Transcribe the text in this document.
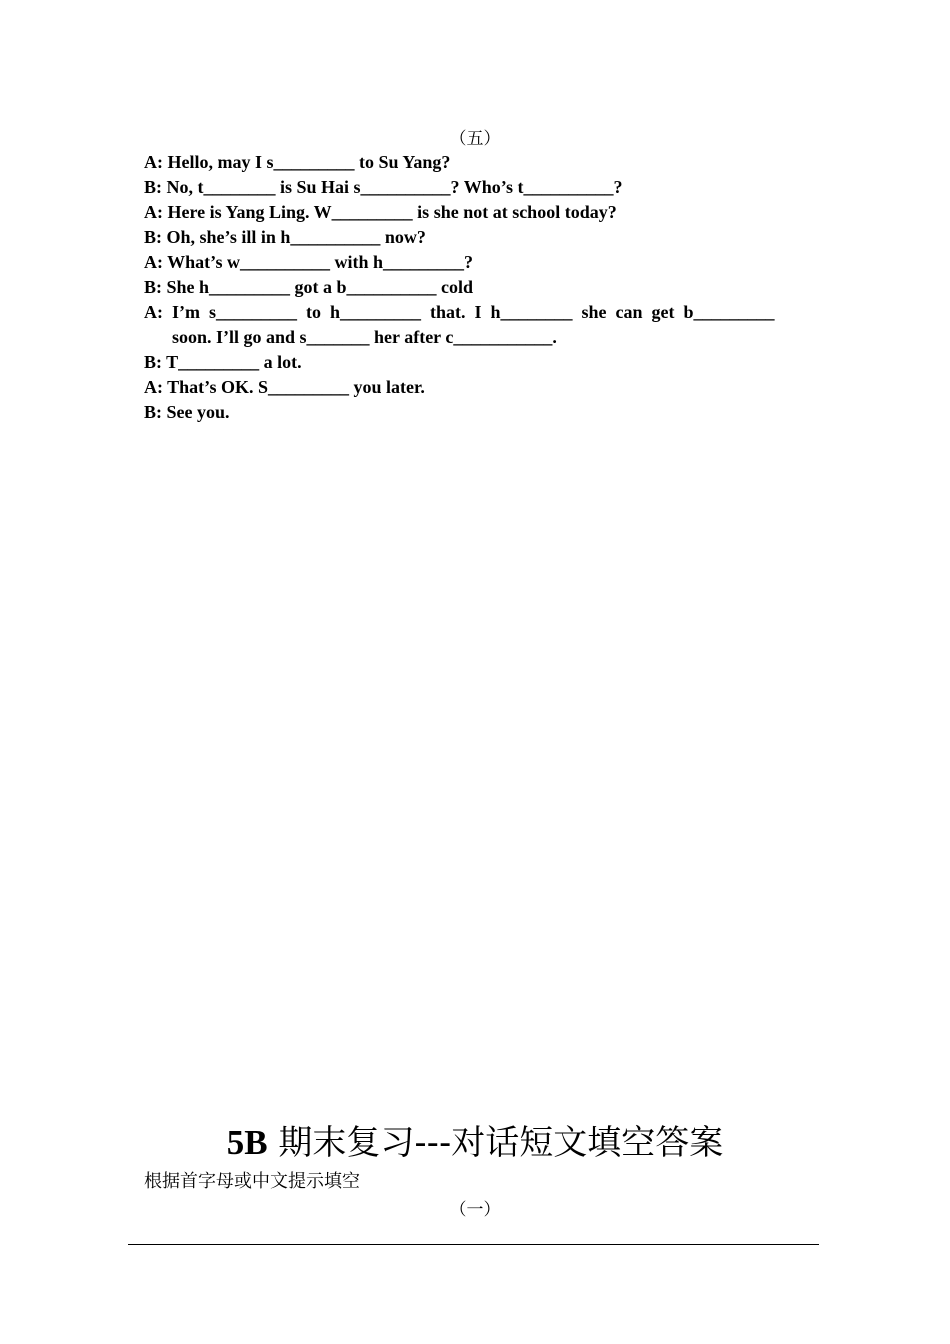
（五）
A: Hello, may I s_________ to Su Yang?
B: No, t________ is Su Hai s__________? Who’s t__________?
A: Here is Yang Ling. W_________ is she not at school today?
B: Oh, she’s ill in h__________ now?
A: What’s w__________ with h_________?
B: She h_________ got a b__________ cold
A:  I’m  s_________  to  h_________  that.  I  h________  she  can  get  b_________
soon. I’ll go and s_______ her after c___________.
B: T_________ a lot.
A: That’s OK. S_________ you later.
B: See you.
5B 期末复习---对话短文填空答案
根据首字母或中文提示填空
（一）
